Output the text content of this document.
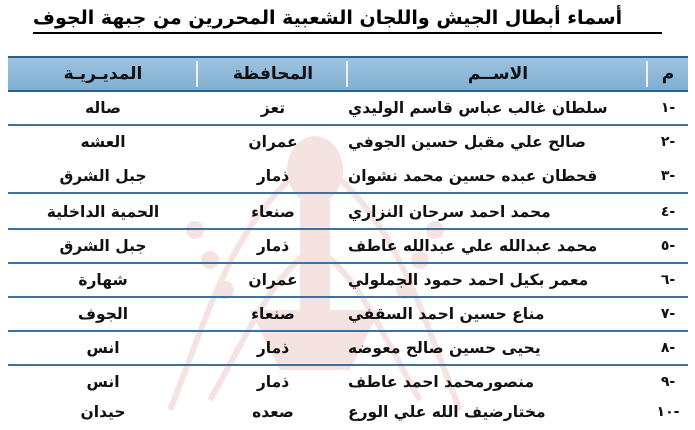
أسماء أبطال الجيش واللجان الشعبية المحررين من جبهة الجوف
م
الاســم
المحافظة
المديـريـة
-١
سلطان غالب عباس قاسم الوليدي
تعز
صاله
-٢
صالح علي مقبل حسين الجوفي
عمران
العشه
-٣
قحطان عبده حسين محمد نشوان
ذمار
جبل الشرق
-٤
محمد احمد سرحان النزاري
صنعاء
الحمية الداخلية
-٥
محمد عبدالله علي عبدالله عاطف
ذمار
جبل الشرق
-٦
معمر بكيل احمد حمود الجملولي
عمران
شهارة
-٧
مناع حسين احمد السقفي
صنعاء
الجوف
-٨
يحيى حسين صالح معوضه
ذمار
انس
-٩
منصورمحمد احمد عاطف
ذمار
انس
-١٠
مختارضيف الله علي الورع
صعده
حيدان
